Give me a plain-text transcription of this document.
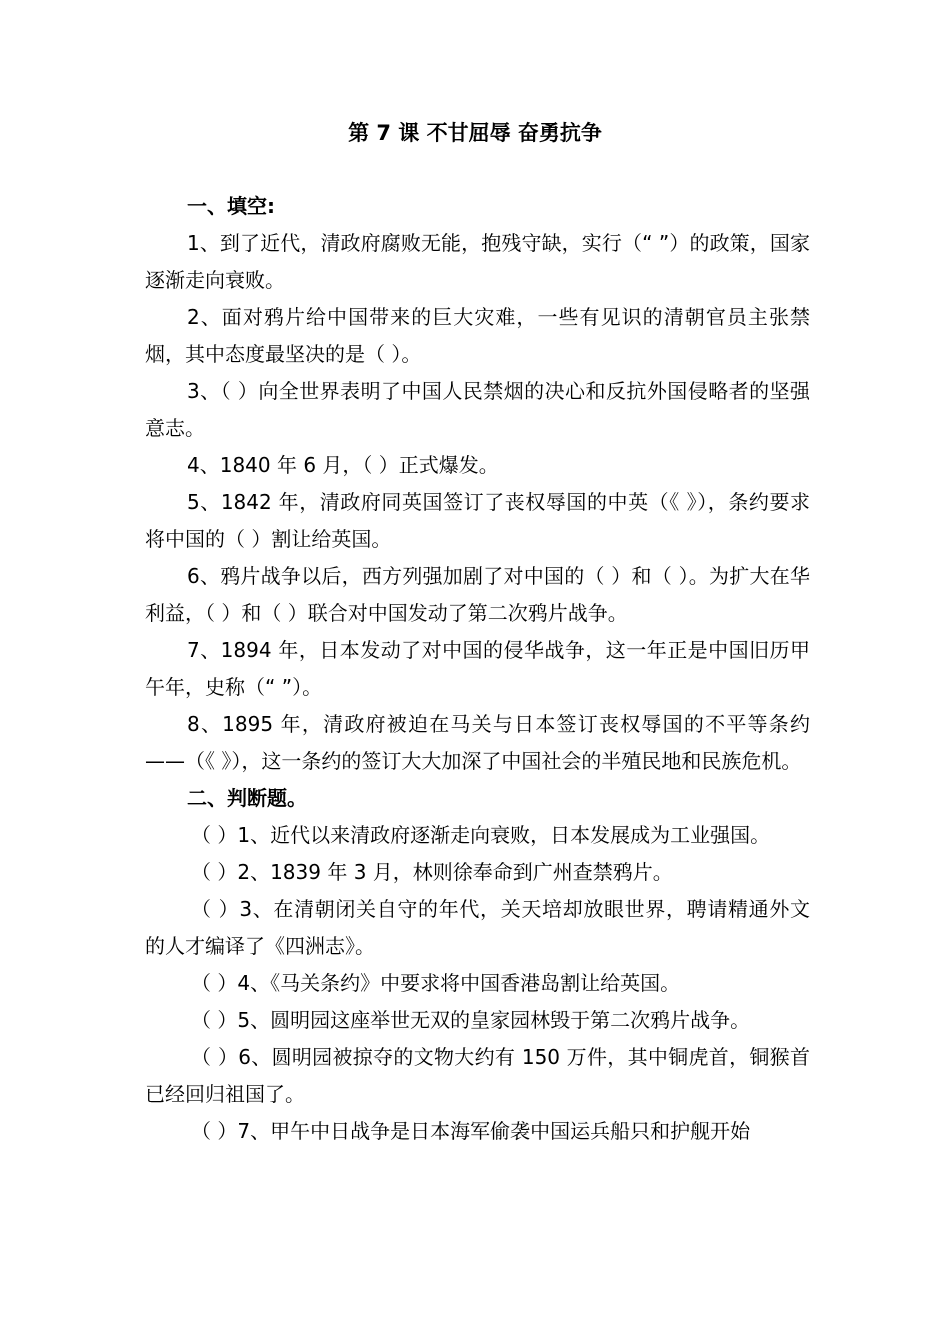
第 7 课 不甘屈辱 奋勇抗争

一、填空:

1、到了近代，清政府腐败无能，抱残守缺，实行（“ ”）的政策，国家逐渐走向衰败。

2、面对鸦片给中国带来的巨大灾难，一些有见识的清朝官员主张禁烟，其中态度最坚决的是（ ）。

3、（ ）向全世界表明了中国人民禁烟的决心和反抗外国侵略者的坚强意志。

4、1840 年 6 月，（ ）正式爆发。

5、1842 年，清政府同英国签订了丧权辱国的中英（《 》），条约要求将中国的（ ）割让给英国。

6、鸦片战争以后，西方列强加剧了对中国的（ ）和（ ）。为扩大在华利益，（ ）和（ ）联合对中国发动了第二次鸦片战争。

7、1894 年，日本发动了对中国的侵华战争，这一年正是中国旧历甲午年，史称（“ ”）。

8、1895 年，清政府被迫在马关与日本签订丧权辱国的不平等条约——（《 》），这一条约的签订大大加深了中国社会的半殖民地和民族危机。

二、判断题。

（ ）1、近代以来清政府逐渐走向衰败，日本发展成为工业强国。

（ ）2、1839 年 3 月，林则徐奉命到广州查禁鸦片。

（ ）3、在清朝闭关自守的年代，关天培却放眼世界，聘请精通外文的人才编译了《四洲志》。

（ ）4、《马关条约》中要求将中国香港岛割让给英国。

（ ）5、圆明园这座举世无双的皇家园林毁于第二次鸦片战争。

（ ）6、圆明园被掠夺的文物大约有 150 万件，其中铜虎首，铜猴首已经回归祖国了。

（ ）7、甲午中日战争是日本海军偷袭中国运兵船只和护舰开始
